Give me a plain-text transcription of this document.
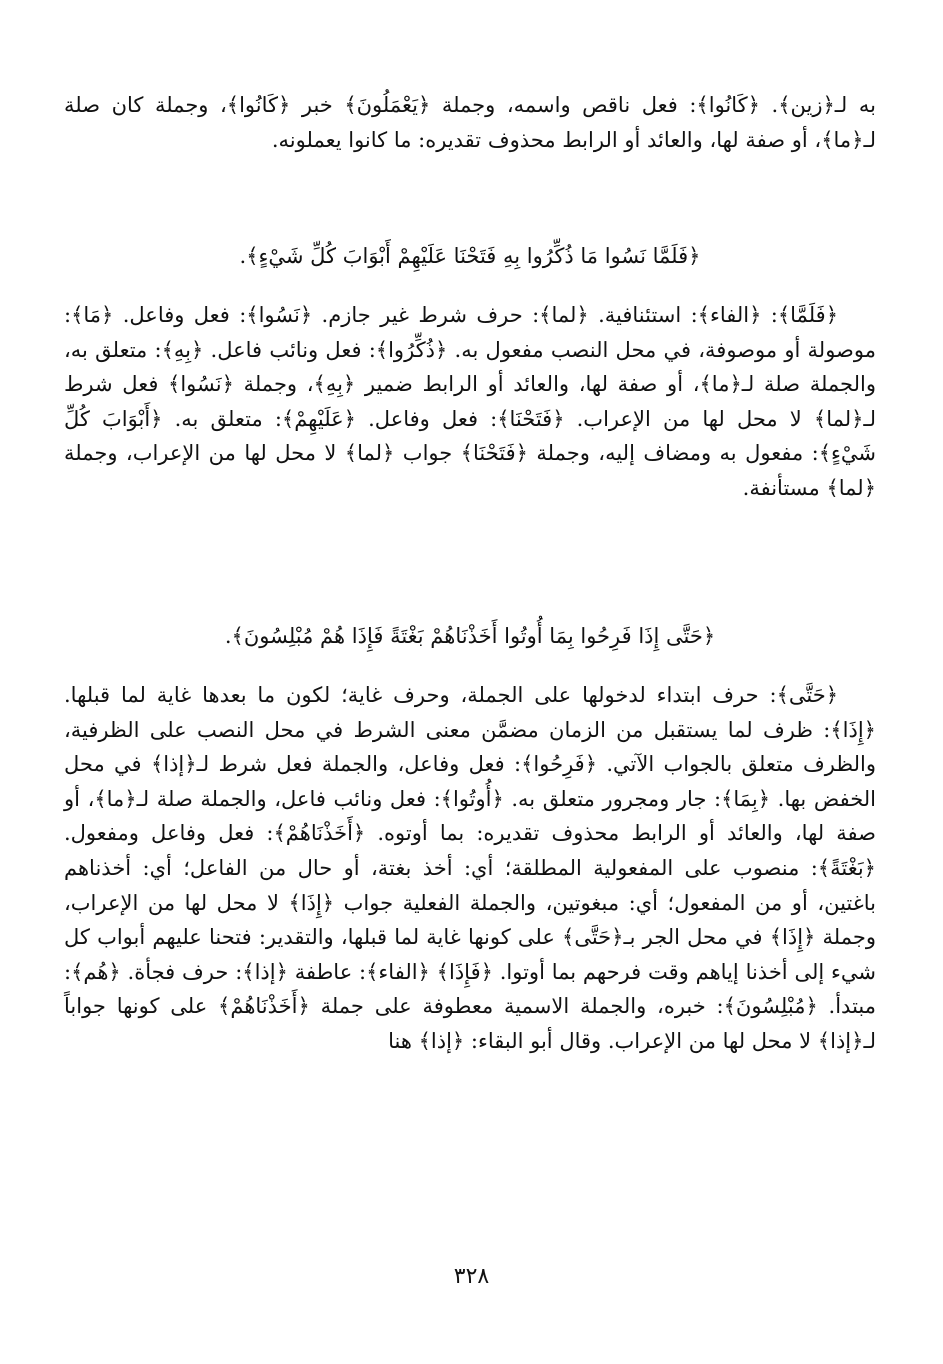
به لـ﴿زين﴾. ﴿كَانُوا﴾: فعل ناقص واسمه، وجملة ﴿يَعْمَلُونَ﴾ خبر ﴿كَانُوا﴾، وجملة كان صلة لـ﴿ما﴾، أو صفة لها، والعائد أو الرابط محذوف تقديره: ما كانوا يعملونه.

﴿فَلَمَّا نَسُوا مَا ذُكِّرُوا بِهِ فَتَحْنَا عَلَيْهِمْ أَبْوَابَ كُلِّ شَيْءٍ﴾.

﴿فَلَمَّا﴾: ﴿الفاء﴾: استئنافية. ﴿لما﴾: حرف شرط غير جازم. ﴿نَسُوا﴾: فعل وفاعل. ﴿مَا﴾: موصولة أو موصوفة، في محل النصب مفعول به. ﴿ذُكِّرُوا﴾: فعل ونائب فاعل. ﴿بِهِ﴾: متعلق به، والجملة صلة لـ﴿ما﴾، أو صفة لها، والعائد أو الرابط ضمير ﴿بِهِ﴾، وجملة ﴿نَسُوا﴾ فعل شرط لـ﴿لما﴾ لا محل لها من الإعراب. ﴿فَتَحْنَا﴾: فعل وفاعل. ﴿عَلَيْهِمْ﴾: متعلق به. ﴿أَبْوَابَ كُلِّ شَيْءٍ﴾: مفعول به ومضاف إليه، وجملة ﴿فَتَحْنَا﴾ جواب ﴿لما﴾ لا محل لها من الإعراب، وجملة ﴿لما﴾ مستأنفة.

﴿حَتَّى إِذَا فَرِحُوا بِمَا أُوتُوا أَخَذْنَاهُمْ بَغْتَةً فَإِذَا هُمْ مُبْلِسُونَ﴾.

﴿حَتَّى﴾: حرف ابتداء لدخولها على الجملة، وحرف غاية؛ لكون ما بعدها غاية لما قبلها. ﴿إِذَا﴾: ظرف لما يستقبل من الزمان مضمَّن معنى الشرط في محل النصب على الظرفية، والظرف متعلق بالجواب الآتي. ﴿فَرِحُوا﴾: فعل وفاعل، والجملة فعل شرط لـ﴿إذا﴾ في محل الخفض بها. ﴿بِمَا﴾: جار ومجرور متعلق به. ﴿أُوتُوا﴾: فعل ونائب فاعل، والجملة صلة لـ﴿ما﴾، أو صفة لها، والعائد أو الرابط محذوف تقديره: بما أوتوه. ﴿أَخَذْنَاهُمْ﴾: فعل وفاعل ومفعول. ﴿بَغْتَةً﴾: منصوب على المفعولية المطلقة؛ أي: أخذ بغتة، أو حال من الفاعل؛ أي: أخذناهم باغتين، أو من المفعول؛ أي: مبغوتين، والجملة الفعلية جواب ﴿إِذَا﴾ لا محل لها من الإعراب، وجملة ﴿إِذَا﴾ في محل الجر بـ﴿حَتَّى﴾ على كونها غاية لما قبلها، والتقدير: فتحنا عليهم أبواب كل شيء إلى أخذنا إياهم وقت فرحهم بما أوتوا. ﴿فَإِذَا﴾ ﴿الفاء﴾: عاطفة ﴿إذا﴾: حرف فجأة. ﴿هُم﴾: مبتدأ. ﴿مُبْلِسُونَ﴾: خبره، والجملة الاسمية معطوفة على جملة ﴿أَخَذْنَاهُمْ﴾ على كونها جواباً لـ﴿إذا﴾ لا محل لها من الإعراب. وقال أبو البقاء: ﴿إذا﴾ هنا

٣٢٨
